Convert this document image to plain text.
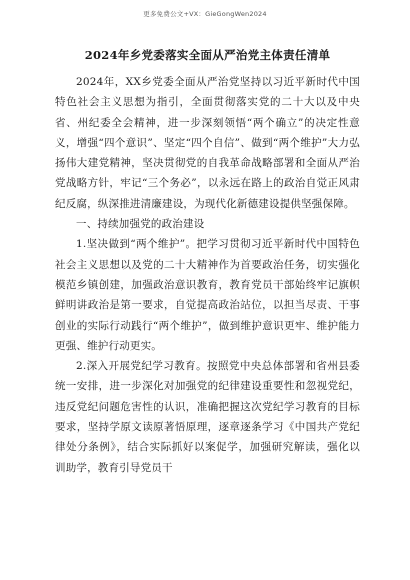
更多免费公文+VX：GieGongWen2024

2024年乡党委落实全面从严治党主体责任清单

2024年，XX乡党委全面从严治党坚持以习近平新时代中国特色社会主义思想为指引，全面贯彻落实党的二十大以及中央省、州纪委全会精神，进一步深刻领悟“两个确立”的决定性意义，增强“四个意识”、坚定“四个自信”、做到“两个维护”大力弘扬伟大建党精神，坚决贯彻党的自我革命战略部署和全面从严治党战略方针，牢记“三个务必”，以永远在路上的政治自觉正风肃纪反腐，纵深推进清廉建设，为现代化新德建设提供坚强保障。

一、持续加强党的政治建设

1.坚决做到“两个维护”。把学习贯彻习近平新时代中国特色社会主义思想以及党的二十大精神作为首要政治任务，切实强化模范乡镇创建，加强政治意识教育，教育党员干部始终牢记旗帜鲜明讲政治是第一要求，自觉提高政治站位，以担当尽责、干事创业的实际行动践行“两个维护”，做到维护意识更牢、维护能力更强、维护行动更实。

2.深入开展党纪学习教育。按照党中央总体部署和省州县委统一安排，进一步深化对加强党的纪律建设重要性和忽视党纪，违反党纪问题危害性的认识，准确把握这次党纪学习教育的目标要求，坚持学原文读原著悟原理，逐章逐条学习《中国共产党纪律处分条例》，结合实际抓好以案促学，加强研究解读，强化以训助学，教育引导党员干
